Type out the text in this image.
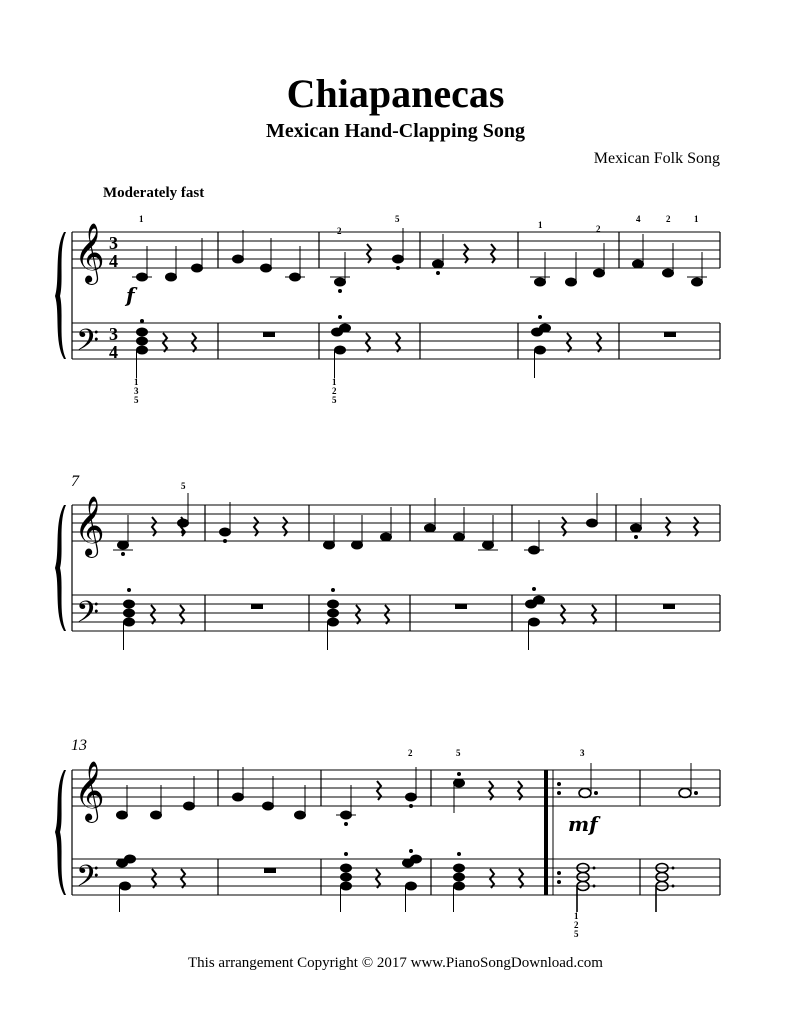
Chiapanecas
Mexican Hand-Clapping Song
Mexican Folk Song
Moderately fast
𝄞
𝄞
𝄞
𝄢
𝄢
𝄢
3
4
3
4
7
13
f
mf
1
2
5
1	2
4	2	1
5
2	5	3
1
3
5
1
2
5
1
2
5
This arrangement Copyright © 2017 www.PianoSongDownload.com
